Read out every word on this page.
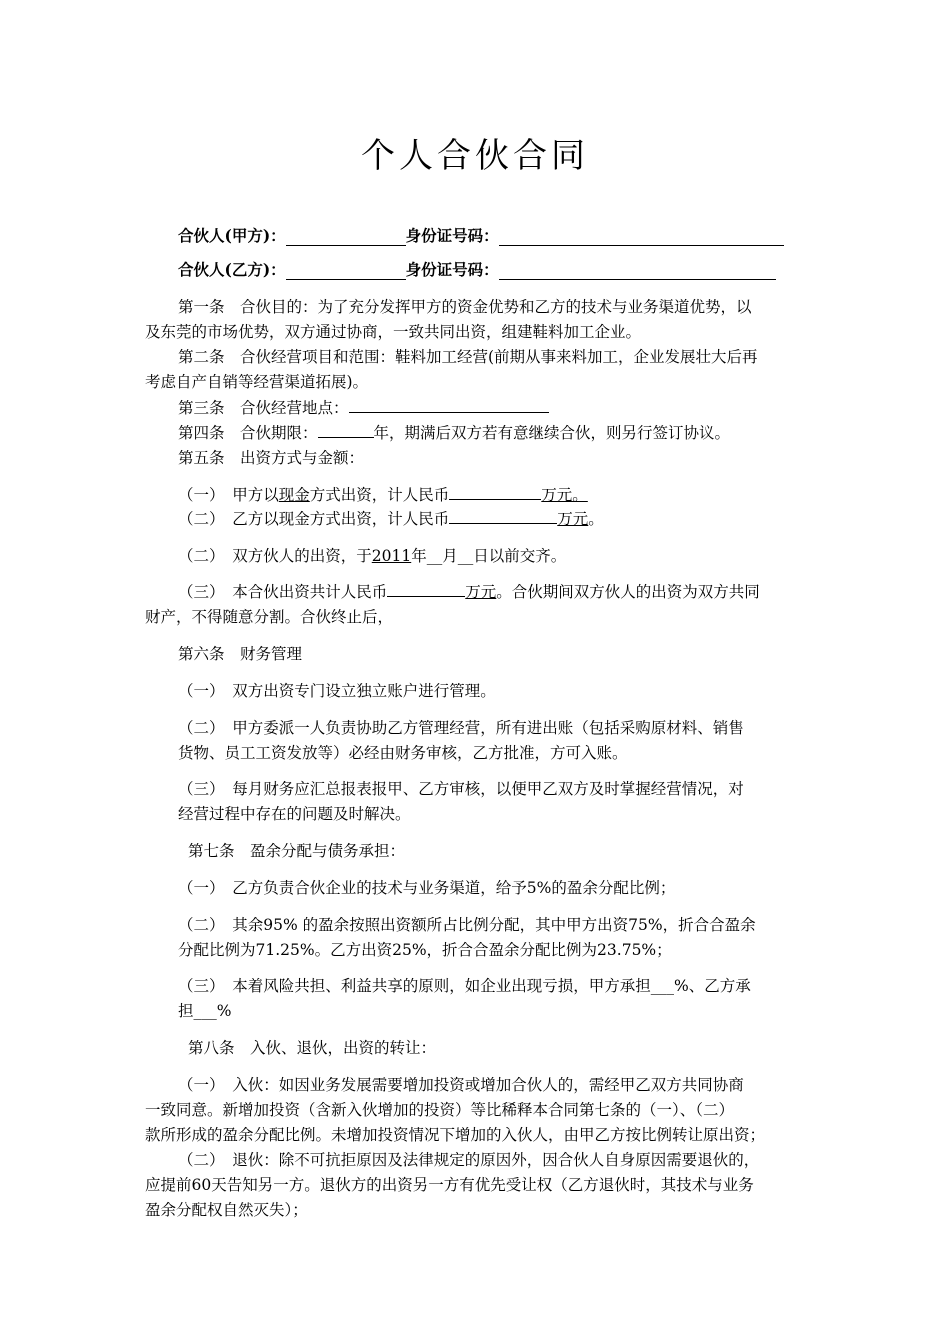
个人合伙合同
合伙人(甲方)：	身份证号码：
合伙人(乙方)：	身份证号码：
第一条　合伙目的：为了充分发挥甲方的资金优势和乙方的技术与业务渠道优势，以
及东莞的市场优势，双方通过协商，一致共同出资，组建鞋料加工企业。
第二条　合伙经营项目和范围：鞋料加工经营(前期从事来料加工，企业发展壮大后再
考虑自产自销等经营渠道拓展)。
第三条　合伙经营地点：
第四条　合伙期限：	年，期满后双方若有意继续合伙，则另行签订协议。
第五条　出资方式与金额：
（一）　甲方以现金方式出资，计人民币	万元。
（二）　乙方以现金方式出资，计人民币	万元。
（二）　双方伙人的出资，于2011年__月__日以前交齐。
（三）　本合伙出资共计人民币	万元。合伙期间双方伙人的出资为双方共同
财产，不得随意分割。合伙终止后，
第六条　财务管理
（一）　双方出资专门设立独立账户进行管理。
（二）　甲方委派一人负责协助乙方管理经营，所有进出账（包括采购原材料、销售
货物、员工工资发放等）必经由财务审核，乙方批准，方可入账。
（三）　每月财务应汇总报表报甲、乙方审核，以便甲乙双方及时掌握经营情况，对
经营过程中存在的问题及时解决。
第七条　盈余分配与债务承担：
（一）　乙方负责合伙企业的技术与业务渠道，给予5%的盈余分配比例；
（二）　其余95% 的盈余按照出资额所占比例分配，其中甲方出资75%，折合合盈余
分配比例为71.25%。乙方出资25%，折合合盈余分配比例为23.75%；
（三）　本着风险共担、利益共享的原则，如企业出现亏损，甲方承担___%、乙方承
担___%
第八条　入伙、退伙，出资的转让：
（一）　入伙：如因业务发展需要增加投资或增加合伙人的，需经甲乙双方共同协商
一致同意。新增加投资（含新入伙增加的投资）等比稀释本合同第七条的（一）、（二）
款所形成的盈余分配比例。未增加投资情况下增加的入伙人，由甲乙方按比例转让原出资；
（二）　退伙：除不可抗拒原因及法律规定的原因外，因合伙人自身原因需要退伙的，
应提前60天告知另一方。退伙方的出资另一方有优先受让权（乙方退伙时，其技术与业务
盈余分配权自然灭失）；
